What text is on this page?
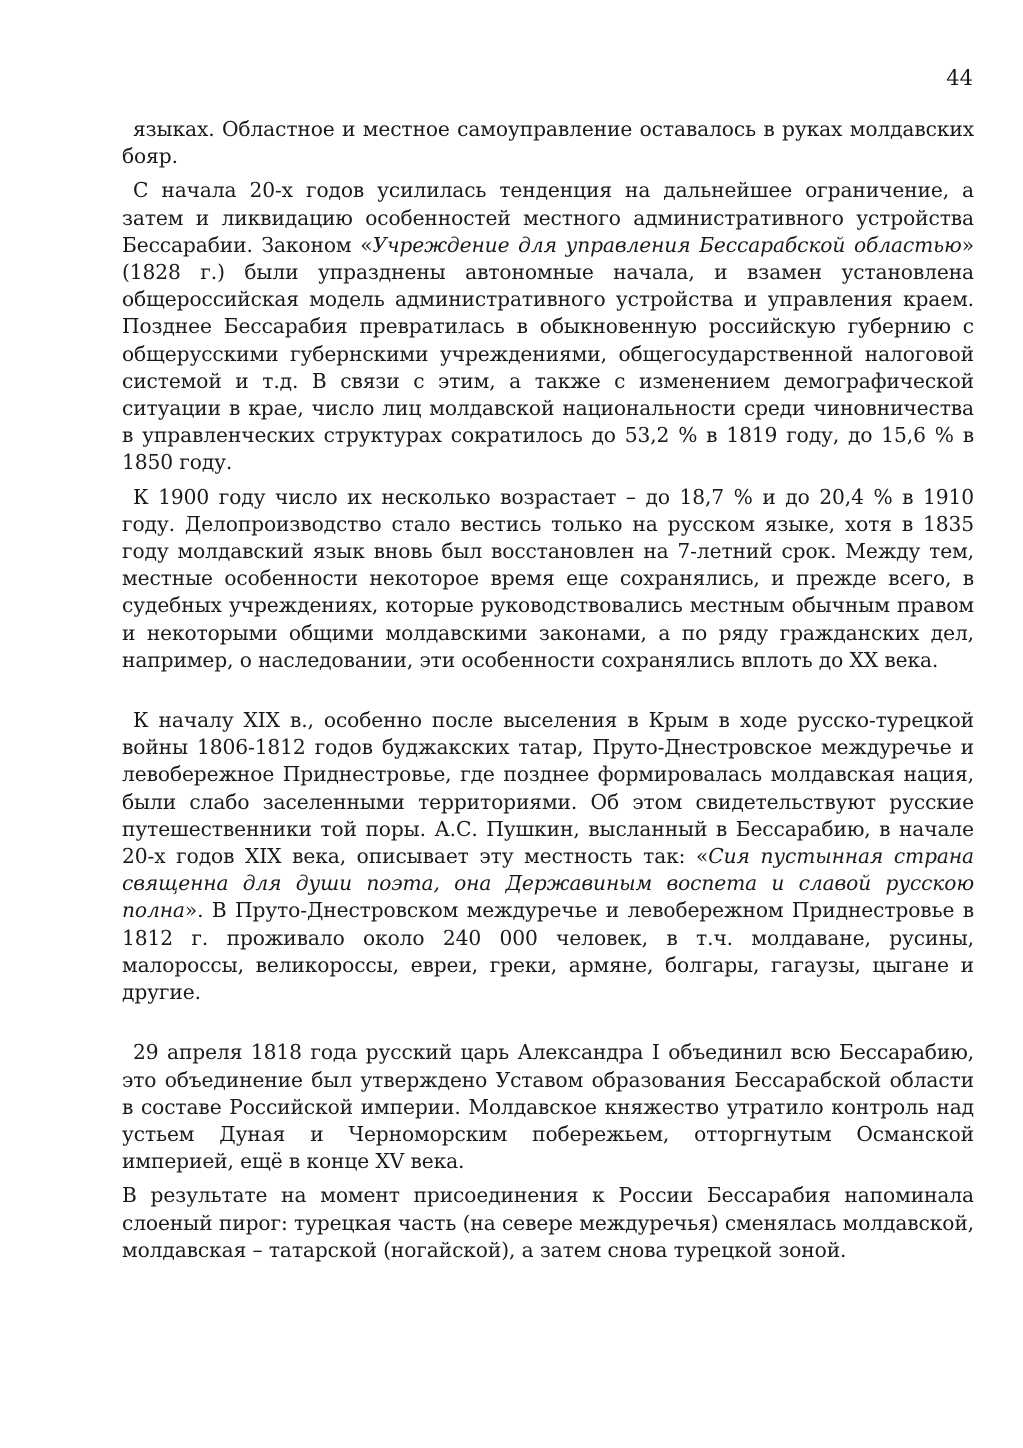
44

языках. Областное и местное самоуправление оставалось в руках молдавских бояр.

С начала 20-х годов усилилась тенденция на дальнейшее ограничение, а затем и ликвидацию особенностей местного административного устройства Бессарабии. Законом «Учреждение для управления Бессарабской областью» (1828 г.) были упразднены автономные начала, и взамен установлена общероссийская модель административного устройства и управления краем. Позднее Бессарабия превратилась в обыкновенную российскую губернию с общерусскими губернскими учреждениями, общегосударственной налоговой системой и т.д. В связи с этим, а также с изменением демографической ситуации в крае, число лиц молдавской национальности среди чиновничества в управленческих структурах сократилось до 53,2 % в 1819 году, до 15,6 % в 1850 году.

К 1900 году число их несколько возрастает – до 18,7 % и до 20,4 % в 1910 году. Делопроизводство стало вестись только на русском языке, хотя в 1835 году молдавский язык вновь был восстановлен на 7-летний срок. Между тем, местные особенности некоторое время еще сохранялись, и прежде всего, в судебных учреждениях, которые руководствовались местным обычным правом и некоторыми общими молдавскими законами, а по ряду гражданских дел, например, о наследовании, эти особенности сохранялись вплоть до XX века.

К началу XIX в., особенно после выселения в Крым в ходе русско-турецкой войны 1806-1812 годов буджакских татар, Пруто-Днестровское междуречье и левобережное Приднестровье, где позднее формировалась молдавская нация, были слабо заселенными территориями. Об этом свидетельствуют русские путешественники той поры. А.С. Пушкин, высланный в Бессарабию, в начале 20-х годов XIX века, описывает эту местность так: «Сия пустынная страна священна для души поэта, она Державиным воспета и славой русскою полна». В Пруто-Днестровском междуречье и левобережном Приднестровье в 1812 г. проживало около 240 000 человек, в т.ч. молдаване, русины, малороссы, великороссы, евреи, греки, армяне, болгары, гагаузы, цыгане и другие.

29 апреля 1818 года русский царь Александра I объединил всю Бессарабию, это объединение был утверждено Уставом образования Бессарабской области в составе Российской империи. Молдавское княжество утратило контроль над устьем Дуная и Черноморским побережьем, отторгнутым Османской империей, ещё в конце XV века.

В результате на момент присоединения к России Бессарабия напоминала слоеный пирог: турецкая часть (на севере междуречья) сменялась молдавской, молдавская – татарской (ногайской), а затем снова турецкой зоной.
